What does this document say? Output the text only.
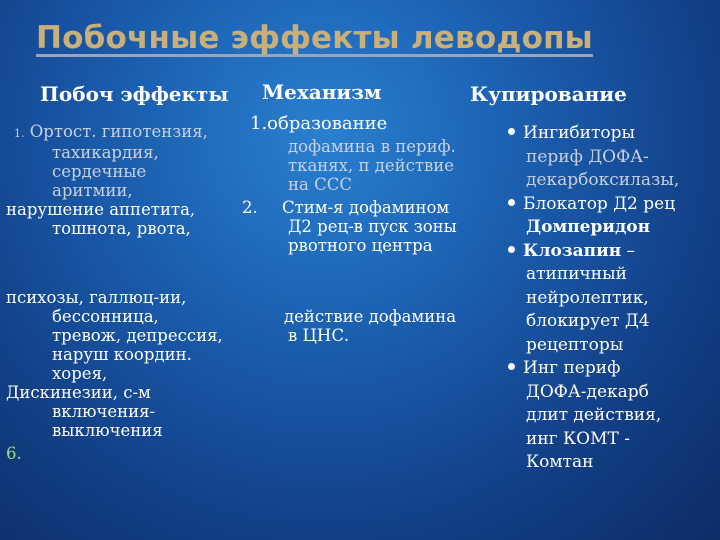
Побочные эффекты леводопы
Побоч эффекты Механизм	Купирование
1. Ортост. гипотензия,
тахикардия,
сердечные
аритмии,
нарушение аппетита,
тошнота, рвота,
психозы, галлюц-ии,
бессонница,
тревож, депрессия,
наруш координ.
хорея,
Дискинезии, с-м
включения-
выключения
6.
1.образование
дофамина в периф.
тканях, п действие
на ССС
2. Стим-я дофамином
Д2 рец-в пуск зоны
рвотного центра
действие дофамина
в ЦНС.
Ингибиторы
периф ДОФА-
декарбоксилазы,
Блокатор Д2 рец
Домперидон
Клозапин –
атипичный
нейролептик,
блокирует Д4
рецепторы
Инг периф
ДОФА-декарб
длит действия,
инг КОМТ -
Комтан
